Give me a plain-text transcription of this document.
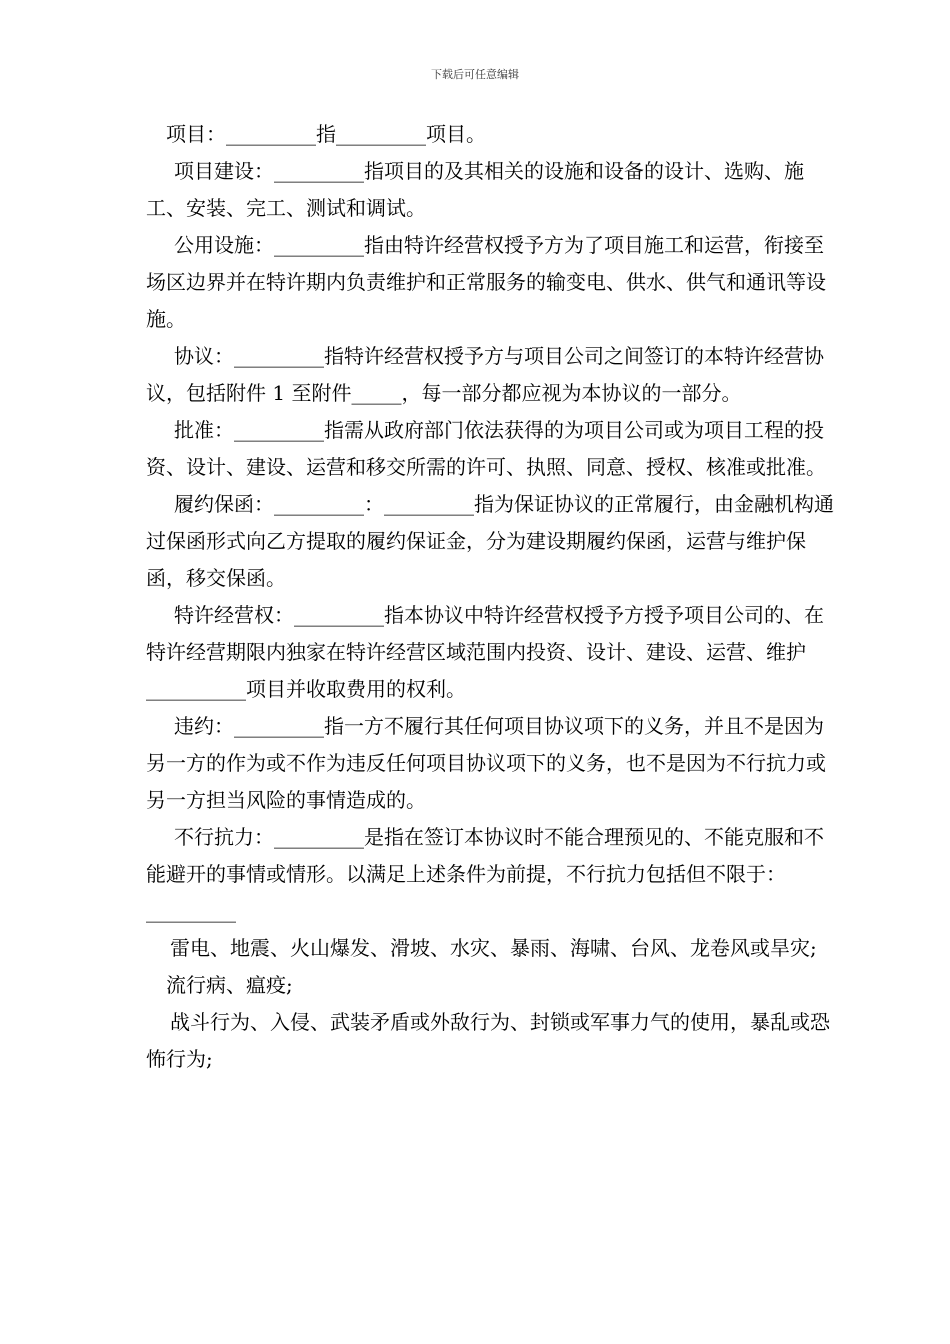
下载后可任意编辑

项目：_________指_________项目。

项目建设：_________指项目的及其相关的设施和设备的设计、选购、施工、安装、完工、测试和调试。

公用设施：_________指由特许经营权授予方为了项目施工和运营，衔接至场区边界并在特许期内负责维护和正常服务的输变电、供水、供气和通讯等设施。

协议：_________指特许经营权授予方与项目公司之间签订的本特许经营协议，包括附件 1 至附件_____，每一部分都应视为本协议的一部分。

批准：_________指需从政府部门依法获得的为项目公司或为项目工程的投资、设计、建设、运营和移交所需的许可、执照、同意、授权、核准或批准。

履约保函：_________：_________指为保证协议的正常履行，由金融机构通过保函形式向乙方提取的履约保证金，分为建设期履约保函，运营与维护保函，移交保函。

特许经营权：_________指本协议中特许经营权授予方授予项目公司的、在特许经营期限内独家在特许经营区域范围内投资、设计、建设、运营、维护__________项目并收取费用的权利。

违约：_________指一方不履行其任何项目协议项下的义务，并且不是因为另一方的作为或不作为违反任何项目协议项下的义务，也不是因为不行抗力或另一方担当风险的事情造成的。

不行抗力：_________是指在签订本协议时不能合理预见的、不能克服和不能避开的事情或情形。以满足上述条件为前提，不行抗力包括但不限于：_________

雷电、地震、火山爆发、滑坡、水灾、暴雨、海啸、台风、龙卷风或旱灾;

流行病、瘟疫;

战斗行为、入侵、武装矛盾或外敌行为、封锁或军事力气的使用，暴乱或恐怖行为;
